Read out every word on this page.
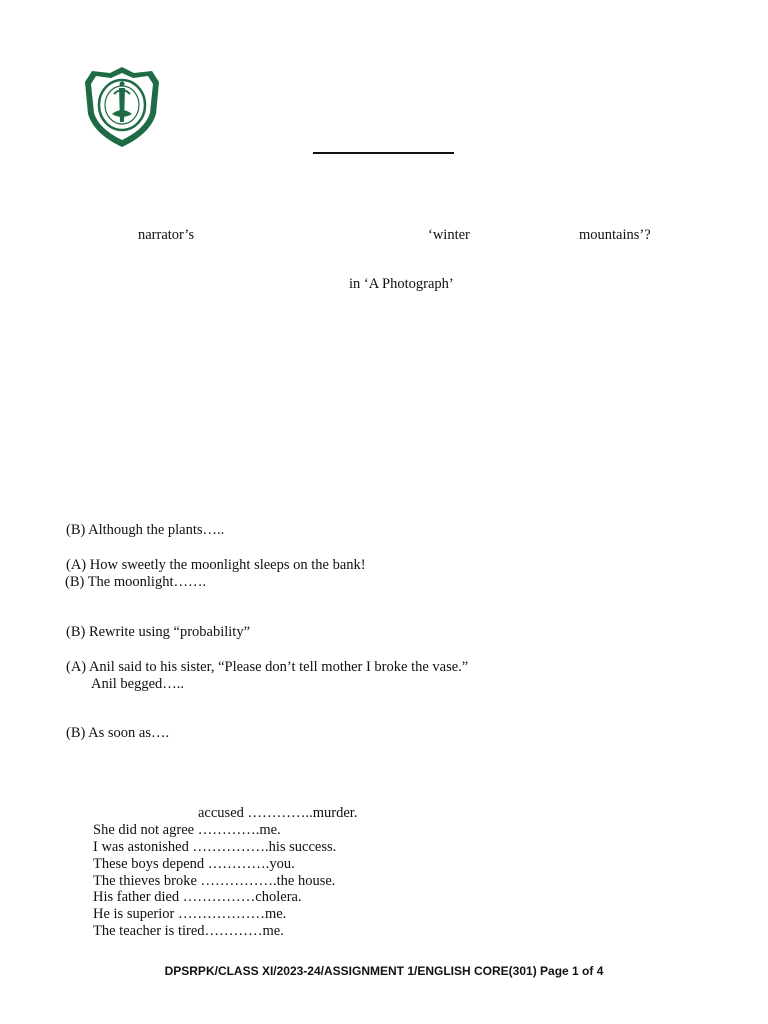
narrator’s	‘winter	mountains’?
in ‘A Photograph’
(B) Although the plants…..
(A) How sweetly the moonlight sleeps on the bank!
(B) The moonlight…….
(B) Rewrite using “probability”
(A) Anil said to his sister, “Please don’t tell mother I broke the vase.”
Anil begged…..
(B) As soon as….
accused …………..murder.
She did not agree ………….me.
I was astonished …………….his success.
These boys depend ………….you.
The thieves broke …………….the house.
His father died ……………cholera.
He is superior ………………me.
The teacher is tired…………me.
DPSRPK/CLASS XI/2023-24/ASSIGNMENT 1/ENGLISH CORE(301) Page 1 of 4
